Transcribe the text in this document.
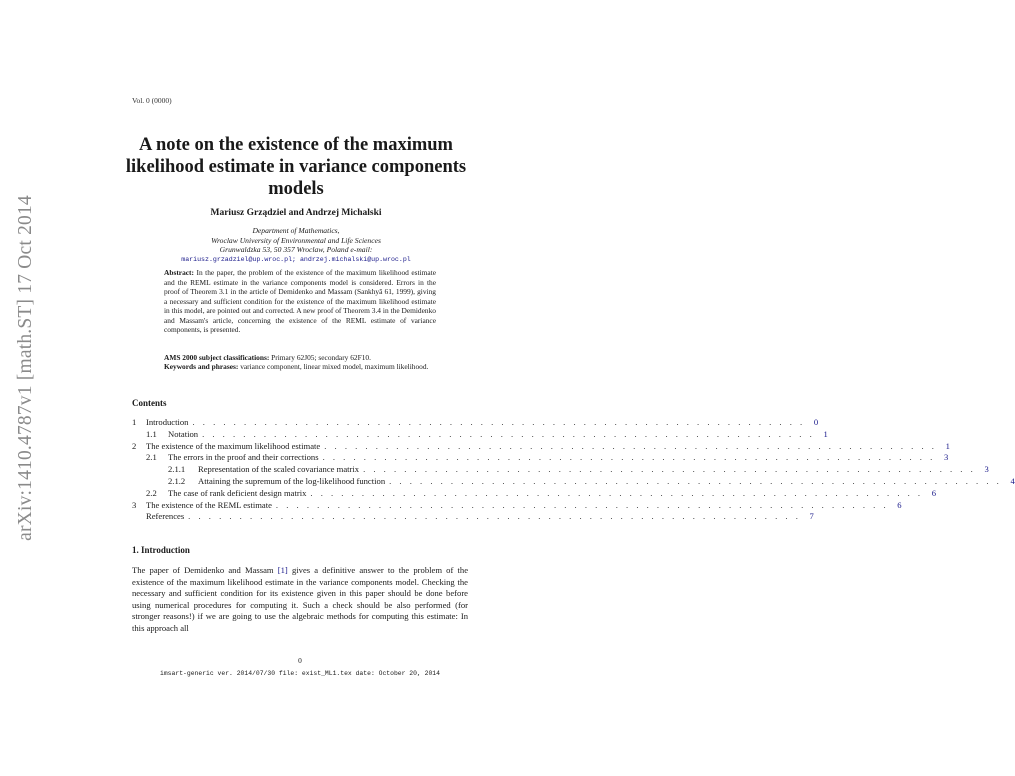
arXiv:1410.4787v1 [math.ST] 17 Oct 2014
Vol. 0 (0000)
A note on the existence of the maximum likelihood estimate in variance components models
Mariusz Grządziel and Andrzej Michalski
Department of Mathematics,
Wroclaw University of Environmental and Life Sciences
Grunwaldzka 53, 50 357 Wroclaw, Poland e-mail:
mariusz.grzadziel@up.wroc.pl; andrzej.michalski@up.wroc.pl
Abstract: In the paper, the problem of the existence of the maximum likelihood estimate and the REML estimate in the variance components model is considered. Errors in the proof of Theorem 3.1 in the article of Demidenko and Massam (Sankhyā 61, 1999), giving a necessary and sufficient condition for the existence of the maximum likelihood estimate in this model, are pointed out and corrected. A new proof of Theorem 3.4 in the Demidenko and Massam's article, concerning the existence of the REML estimate of variance components, is presented.
AMS 2000 subject classifications: Primary 62J05; secondary 62F10.
Keywords and phrases: variance component, linear mixed model, maximum likelihood.
Contents
1	Introduction . . . . . . . . . . . . . . . . . . . . . . . . . . . . . . . . . . . . . . . . . . . . . . . . . . . . . . . . . . . .	0
1.1	Notation . . . . . . . . . . . . . . . . . . . . . . . . . . . . . . . . . . . . . . . . . . . . . . . . . . . . . . . . . . . .	1
2	The existence of the maximum likelihood estimate . . . . . . . . . . . . . . . . . . . . . . . . . . . . . . . . . . . . . . . . . . . . . . . . . . . . . . . . . . . .	1
2.1	The errors in the proof and their corrections . . . . . . . . . . . . . . . . . . . . . . . . . . . . . . . . . . . . . . . . . . . . . . . . . . . . . . . . . . . .	3
2.1.1	Representation of the scaled covariance matrix . . . . . . . . . . . . . . . . . . . . . . . . . . . . . . . . . . . . . . . . . . . . . . . . . . . . . . . . . . . .	3
2.1.2	Attaining the supremum of the log-likelihood function . . . . . . . . . . . . . . . . . . . . . . . . . . . . . . . . . . . . . . . . . . . . . . . . . . . . . . . . . . . .	4
2.2	The case of rank deficient design matrix . . . . . . . . . . . . . . . . . . . . . . . . . . . . . . . . . . . . . . . . . . . . . . . . . . . . . . . . . . . .	6
3	The existence of the REML estimate . . . . . . . . . . . . . . . . . . . . . . . . . . . . . . . . . . . . . . . . . . . . . . . . . . . . . . . . . . . .	6
References . . . . . . . . . . . . . . . . . . . . . . . . . . . . . . . . . . . . . . . . . . . . . . . . . . . . . . . . . . . .	7
1. Introduction
The paper of Demidenko and Massam [1] gives a definitive answer to the problem of the existence of the maximum likelihood estimate in the variance components model. Checking the necessary and sufficient condition for its existence given in this paper should be done before using numerical procedures for computing it. Such a check should be also performed (for stronger reasons!) if we are going to use the algebraic methods for computing this estimate: In this approach all
0
imsart-generic ver. 2014/07/30 file: exist_ML1.tex date: October 20, 2014
